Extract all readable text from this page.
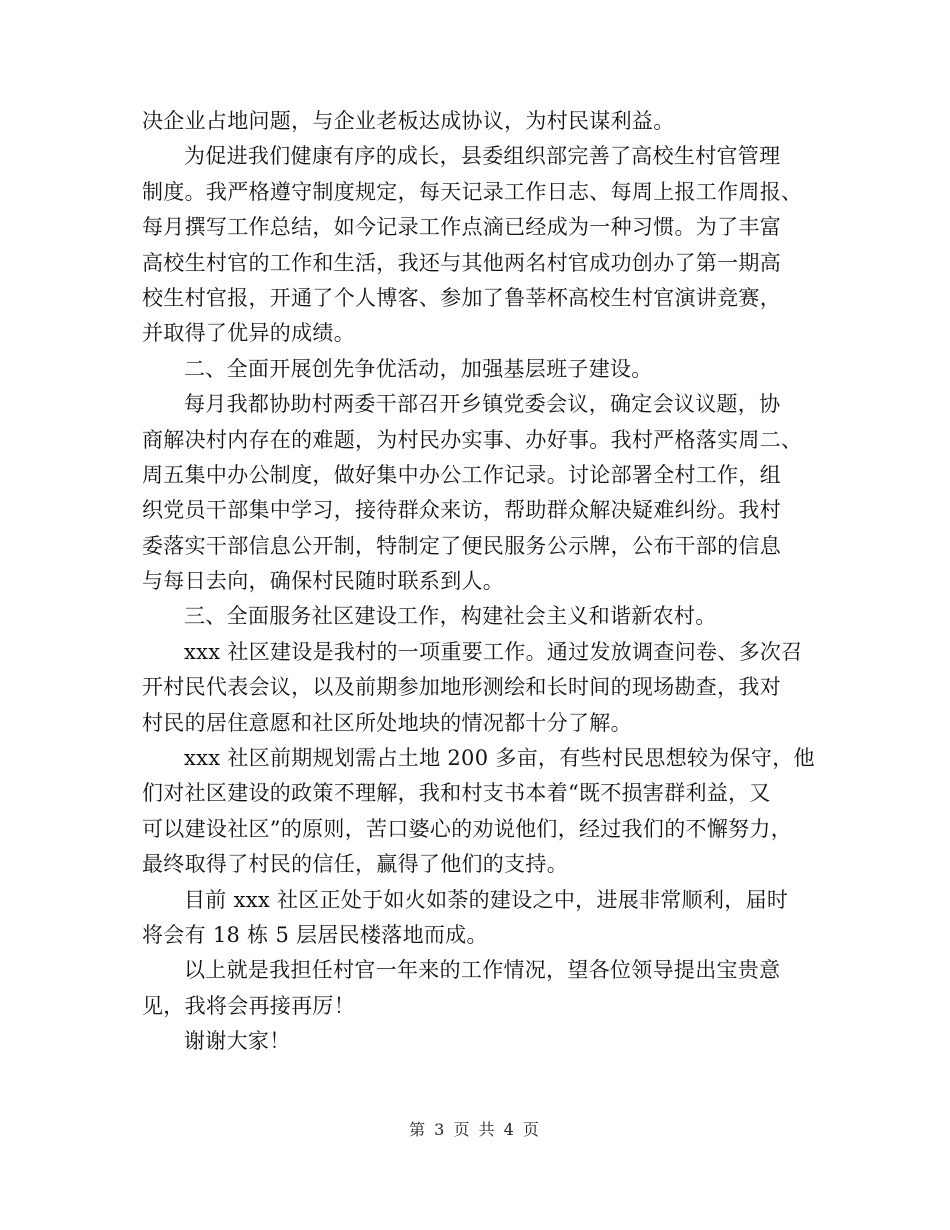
决企业占地问题，与企业老板达成协议，为村民谋利益。
为促进我们健康有序的成长，县委组织部完善了高校生村官管理
制度。我严格遵守制度规定，每天记录工作日志、每周上报工作周报、
每月撰写工作总结，如今记录工作点滴已经成为一种习惯。为了丰富
高校生村官的工作和生活，我还与其他两名村官成功创办了第一期高
校生村官报，开通了个人博客、参加了鲁莘杯高校生村官演讲竞赛，
并取得了优异的成绩。
二、全面开展创先争优活动，加强基层班子建设。
每月我都协助村两委干部召开乡镇党委会议，确定会议议题，协
商解决村内存在的难题，为村民办实事、办好事。我村严格落实周二、
周五集中办公制度，做好集中办公工作记录。讨论部署全村工作，组
织党员干部集中学习，接待群众来访，帮助群众解决疑难纠纷。我村
委落实干部信息公开制，特制定了便民服务公示牌，公布干部的信息
与每日去向，确保村民随时联系到人。
三、全面服务社区建设工作，构建社会主义和谐新农村。
xxx 社区建设是我村的一项重要工作。通过发放调查问卷、多次召
开村民代表会议，以及前期参加地形测绘和长时间的现场勘查，我对
村民的居住意愿和社区所处地块的情况都十分了解。
xxx 社区前期规划需占土地 200 多亩，有些村民思想较为保守，他
们对社区建设的政策不理解，我和村支书本着“既不损害群利益，又
可以建设社区”的原则，苦口婆心的劝说他们，经过我们的不懈努力，
最终取得了村民的信任，赢得了他们的支持。
目前 xxx 社区正处于如火如荼的建设之中，进展非常顺利，届时
将会有 18 栋 5 层居民楼落地而成。
以上就是我担任村官一年来的工作情况，望各位领导提出宝贵意
见，我将会再接再厉！
谢谢大家！
第 3 页 共 4 页
